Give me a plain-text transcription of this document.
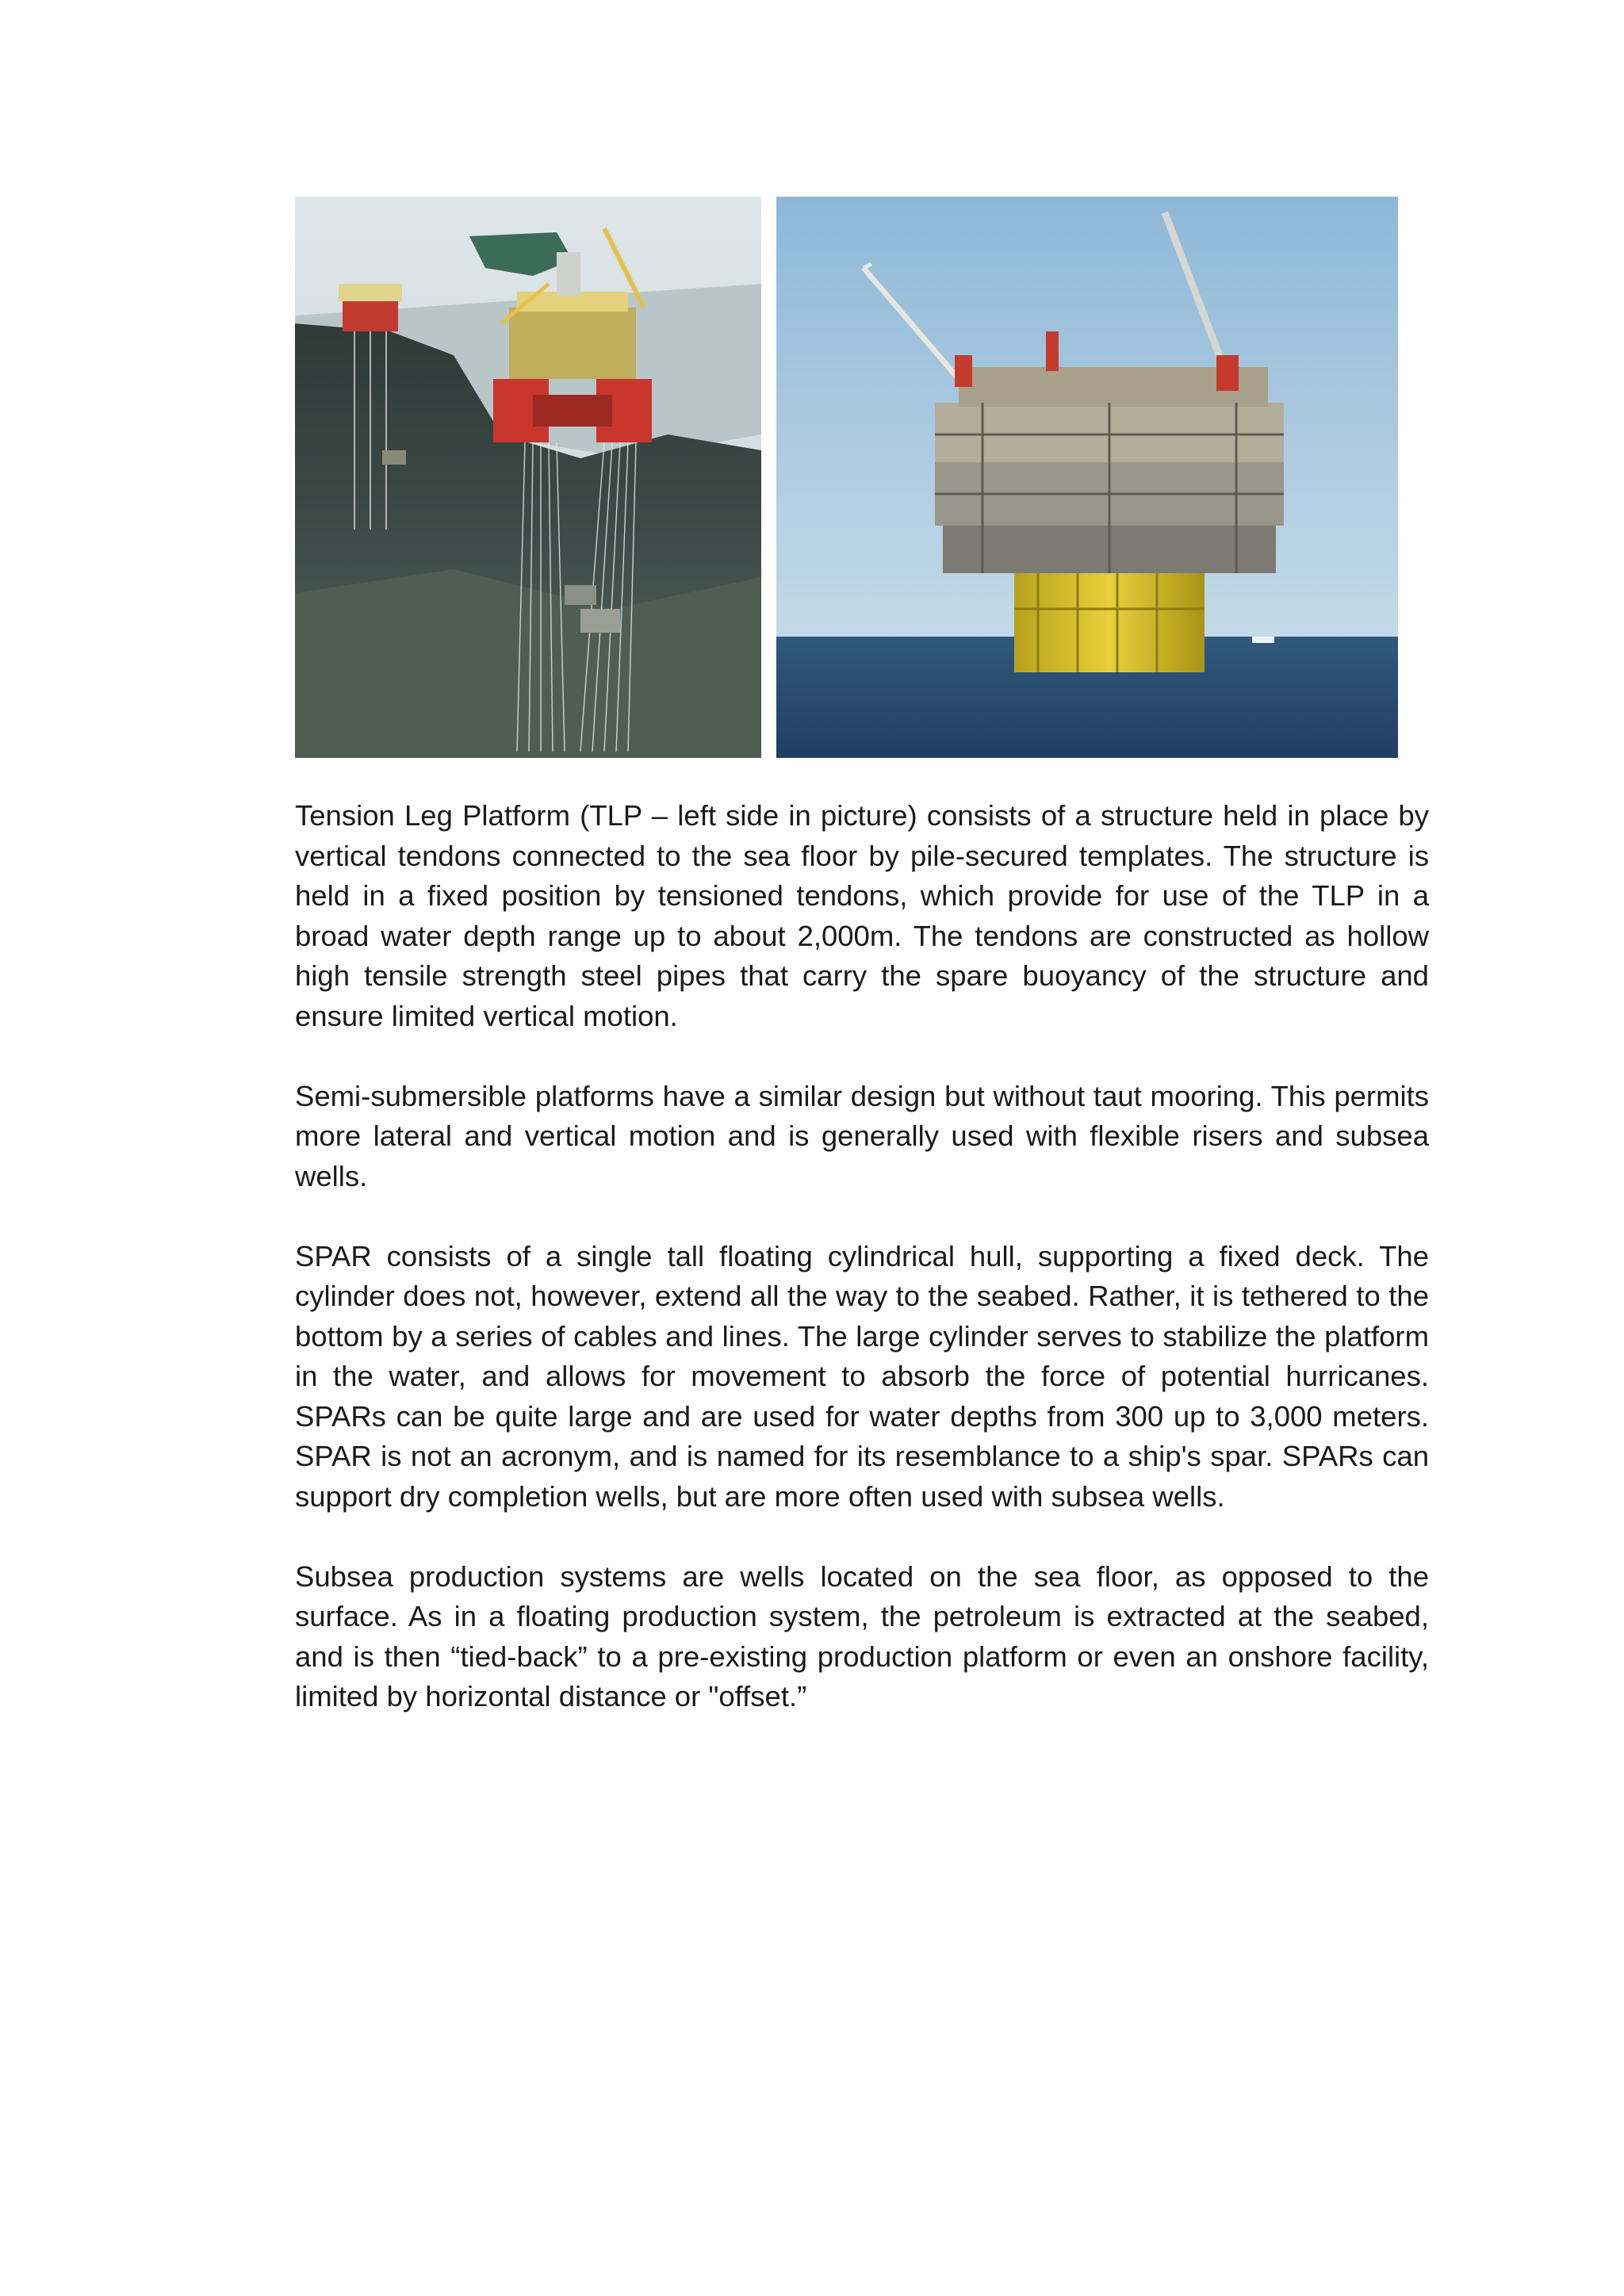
Tension Leg Platform (TLP – left side in picture) consists of a structure held in place by vertical tendons connected to the sea floor by pile-secured templates. The structure is held in a fixed position by tensioned tendons, which provide for use of the TLP in a broad water depth range up to about 2,000m. The tendons are constructed as hollow high tensile strength steel pipes that carry the spare buoyancy of the structure and ensure limited vertical motion.

Semi-submersible platforms have a similar design but without taut mooring. This permits more lateral and vertical motion and is generally used with flexible risers and subsea wells.

SPAR consists of a single tall floating cylindrical hull, supporting a fixed deck. The cylinder does not, however, extend all the way to the seabed. Rather, it is tethered to the bottom by a series of cables and lines. The large cylinder serves to stabilize the platform in the water, and allows for movement to absorb the force of potential hurricanes. SPARs can be quite large and are used for water depths from 300 up to 3,000 meters. SPAR is not an acronym, and is named for its resemblance to a ship's spar. SPARs can support dry completion wells, but are more often used with subsea wells.

Subsea production systems are wells located on the sea floor, as opposed to the surface. As in a floating production system, the petroleum is extracted at the seabed, and is then “tied-back” to a pre-existing production platform or even an onshore facility, limited by horizontal distance or "offset.”
